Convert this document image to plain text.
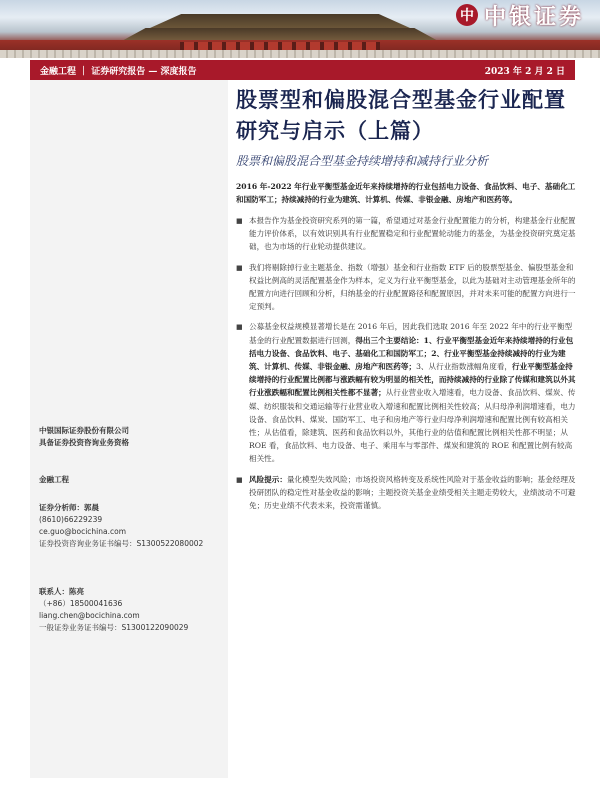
中 中银证券
金融工程 ｜ 证券研究报告 — 深度报告	2023 年 2 月 2 日
中银国际证券股份有限公司
具备证券投资咨询业务资格
金融工程
证券分析师：郭晨
(8610)66229239
ce.guo@bocichina.com
证券投资咨询业务证书编号：S1300522080002
联系人：陈亮
（+86）18500041636
liang.chen@bocichina.com
一般证券业务证书编号：S1300122090029
股票型和偏股混合型基金行业配置研究与启示（上篇）
股票和偏股混合型基金持续增持和减持行业分析
2016 年-2022 年行业平衡型基金近年来持续增持的行业包括电力设备、食品饮料、电子、基础化工和国防军工；持续减持的行业为建筑、计算机、传媒、非银金融、房地产和医药等。
■ 本报告作为基金投资研究系列的第一篇，希望通过对基金行业配置能力的分析，构建基金行业配置能力评价体系，以有效识别具有行业配置稳定和行业配置轮动能力的基金，为基金投资研究奠定基础，也为市场的行业轮动提供建议。
■ 我们将剔除掉行业主题基金、指数（增强）基金和行业指数 ETF 后的股票型基金、偏股型基金和权益比例高的灵活配置基金作为样本，定义为行业平衡型基金，以此为基础对主动管理基金所年的配置方向进行回顾和分析，归纳基金的行业配置路径和配置原因，并对未来可能的配置方向进行一定预判。
■ 公募基金权益规模显著增长是在 2016 年后，因此我们选取 2016 年至 2022 年中的行业平衡型基金的行业配置数据进行回测，得出三个主要结论：1、行业平衡型基金近年来持续增持的行业包括电力设备、食品饮料、电子、基础化工和国防军工；2、行业平衡型基金持续减持的行业为建筑、计算机、传媒、非银金融、房地产和医药等；3、从行业指数涨幅角度看，行业平衡型基金持续增持的行业配置比例都与涨跌幅有较为明显的相关性，而持续减持的行业除了传媒和建筑以外其行业涨跌幅和配置比例相关性都不显著；从行业营业收入增速看，电力设备、食品饮料、煤炭、传媒、纺织服装和交通运输等行业营业收入增速和配置比例相关性较高；从归母净利润增速看，电力设备、食品饮料、煤炭、国防军工、电子和房地产等行业归母净利润增速和配置比例有较高相关性；从估值看，除建筑、医药和食品饮料以外，其他行业的估值和配置比例相关性都不明显；从 ROE 看，食品饮料、电力设备、电子、乘用车与零部件、煤炭和建筑的 ROE 和配置比例有较高相关性。
■ 风险提示：量化模型失效风险；市场投资风格转变及系统性风险对于基金收益的影响；基金经理及投研团队的稳定性对基金收益的影响；主题投资关基金业绩受相关主题走势较大，业绩波动不可避免；历史业绩不代表未来，投资需谨慎。
